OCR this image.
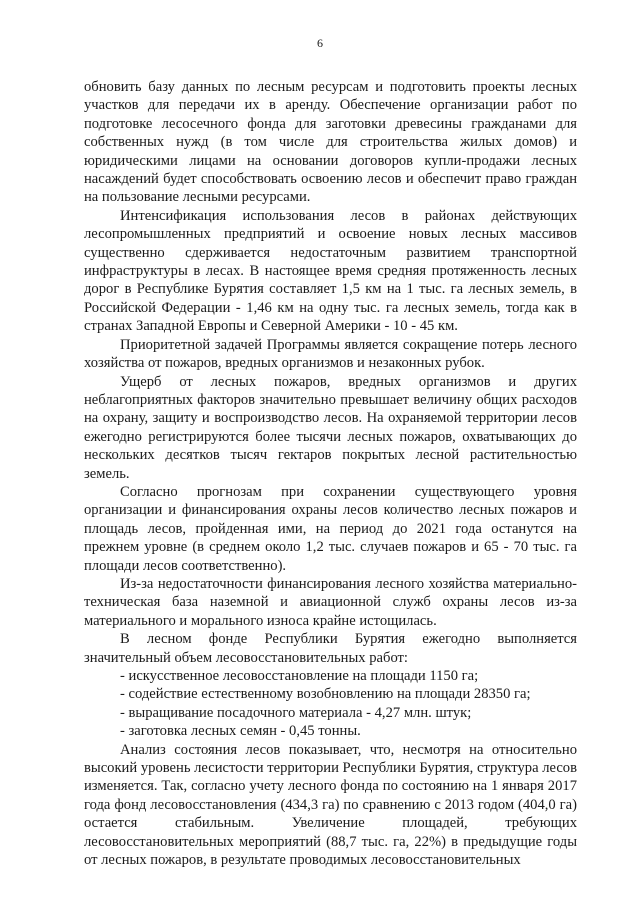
6

обновить базу данных по лесным ресурсам и подготовить проекты лесных участков для передачи их в аренду. Обеспечение организации работ по подготовке лесосечного фонда для заготовки древесины гражданами для собственных нужд (в том числе для строительства жилых домов) и юридическими лицами на основании договоров купли-продажи лесных насаждений будет способствовать освоению лесов и обеспечит право граждан на пользование лесными ресурсами.

Интенсификация использования лесов в районах действующих лесопромышленных предприятий и освоение новых лесных массивов существенно сдерживается недостаточным развитием транспортной инфраструктуры в лесах. В настоящее время средняя протяженность лесных дорог в Республике Бурятия составляет 1,5 км на 1 тыс. га лесных земель, в Российской Федерации - 1,46 км на одну тыс. га лесных земель, тогда как в странах Западной Европы и Северной Америки - 10 - 45 км.

Приоритетной задачей Программы является сокращение потерь лесного хозяйства от пожаров, вредных организмов и незаконных рубок.

Ущерб от лесных пожаров, вредных организмов и других неблагоприятных факторов значительно превышает величину общих расходов на охрану, защиту и воспроизводство лесов. На охраняемой территории лесов ежегодно регистрируются более тысячи лесных пожаров, охватывающих до нескольких десятков тысяч гектаров покрытых лесной растительностью земель.

Согласно прогнозам при сохранении существующего уровня организации и финансирования охраны лесов количество лесных пожаров и площадь лесов, пройденная ими, на период до 2021 года останутся на прежнем уровне (в среднем около 1,2 тыс. случаев пожаров и 65 - 70 тыс. га площади лесов соответственно).

Из-за недостаточности финансирования лесного хозяйства материально-техническая база наземной и авиационной служб охраны лесов из-за материального и морального износа крайне истощилась.

В лесном фонде Республики Бурятия ежегодно выполняется значительный объем лесовосстановительных работ:

- искусственное лесовосстановление на площади 1150 га;

- содействие естественному возобновлению на площади 28350 га;

- выращивание посадочного материала - 4,27 млн. штук;

- заготовка лесных семян - 0,45 тонны.

Анализ состояния лесов показывает, что, несмотря на относительно высокий уровень лесистости территории Республики Бурятия, структура лесов изменяется. Так, согласно учету лесного фонда по состоянию на 1 января 2017 года фонд лесовосстановления (434,3 га) по сравнению с 2013 годом (404,0 га) остается стабильным. Увеличение площадей, требующих лесовосстановительных мероприятий (88,7 тыс. га, 22%) в предыдущие годы от лесных пожаров, в результате проводимых лесовосстановительных
